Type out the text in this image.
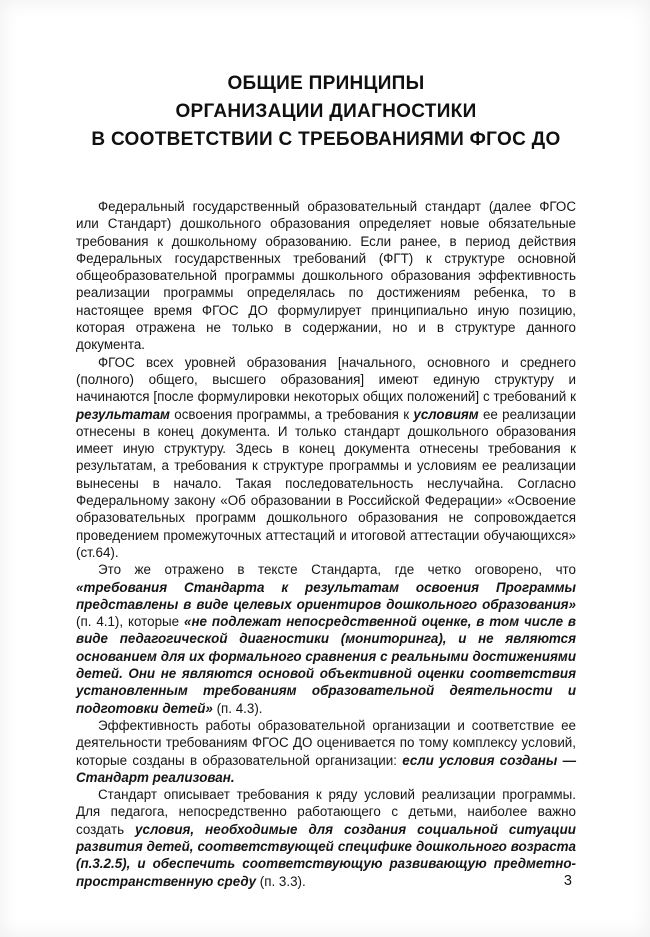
ОБЩИЕ ПРИНЦИПЫ
ОРГАНИЗАЦИИ ДИАГНОСТИКИ
В СООТВЕТСТВИИ С ТРЕБОВАНИЯМИ ФГОС ДО

Федеральный государственный образовательный стандарт (далее ФГОС или Стандарт) дошкольного образования определяет новые обязательные требования к дошкольному образованию. Если ранее, в период действия Федеральных государственных требований (ФГТ) к структуре основной общеобразовательной программы дошкольного образования эффективность реализации программы определялась по достижениям ребенка, то в настоящее время ФГОС ДО формулирует принципиально иную позицию, которая отражена не только в содержании, но и в структуре данного документа.

ФГОС всех уровней образования [начального, основного и среднего (полного) общего, высшего образования] имеют единую структуру и начинаются [после формулировки некоторых общих положений] с требований к результатам освоения программы, а требования к условиям ее реализации отнесены в конец документа. И только стандарт дошкольного образования имеет иную структуру. Здесь в конец документа отнесены требования к результатам, а требования к структуре программы и условиям ее реализации вынесены в начало. Такая последовательность неслучайна. Согласно Федеральному закону «Об образовании в Российской Федерации» «Освоение образовательных программ дошкольного образования не сопровождается проведением промежуточных аттестаций и итоговой аттестации обучающихся» (ст.64).

Это же отражено в тексте Стандарта, где четко оговорено, что «требования Стандарта к результатам освоения Программы представлены в виде целевых ориентиров дошкольного образования» (п. 4.1), которые «не подлежат непосредственной оценке, в том числе в виде педагогической диагностики (мониторинга), и не являются основанием для их формального сравнения с реальными достижениями детей. Они не являются основой объективной оценки соответствия установленным требованиям образовательной деятельности и подготовки детей» (п. 4.3).

Эффективность работы образовательной организации и соответствие ее деятельности требованиям ФГОС ДО оценивается по тому комплексу условий, которые созданы в образовательной организации: если условия созданы — Стандарт реализован.

Стандарт описывает требования к ряду условий реализации программы. Для педагога, непосредственно работающего с детьми, наиболее важно создать условия, необходимые для создания социальной ситуации развития детей, соответствующей специфике дошкольного возраста (п.3.2.5), и обеспечить соответствующую развивающую предметно-пространственную среду (п. 3.3).	3
